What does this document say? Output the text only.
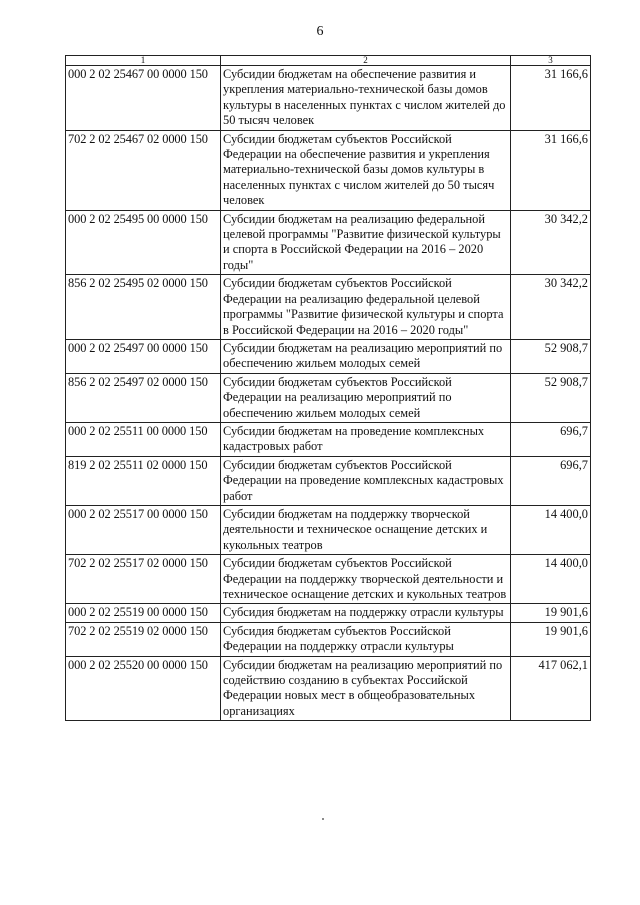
6
1	2	3
000 2 02 25467 00 0000 150	Субсидии бюджетам на обеспечение развития и укрепления материально-технической базы домов культуры в населенных пунктах с числом жителей до 50 тысяч человек	31 166,6
702 2 02 25467 02 0000 150	Субсидии бюджетам субъектов Российской Федерации на обеспечение развития и укрепления материально-технической базы домов культуры в населенных пунктах с числом жителей до 50 тысяч человек	31 166,6
000 2 02 25495 00 0000 150	Субсидии бюджетам на реализацию федеральной целевой программы "Развитие физической культуры и спорта в Российской Федерации на 2016 – 2020 годы"	30 342,2
856 2 02 25495 02 0000 150	Субсидии бюджетам субъектов Российской Федерации на реализацию федеральной целевой программы "Развитие физической культуры и спорта в Российской Федерации на 2016 – 2020 годы"	30 342,2
000 2 02 25497 00 0000 150	Субсидии бюджетам на реализацию мероприятий по обеспечению жильем молодых семей	52 908,7
856 2 02 25497 02 0000 150	Субсидии бюджетам субъектов Российской Федерации на реализацию мероприятий по обеспечению жильем молодых семей	52 908,7
000 2 02 25511 00 0000 150	Субсидии бюджетам на проведение комплексных кадастровых работ	696,7
819 2 02 25511 02 0000 150	Субсидии бюджетам субъектов Российской Федерации на проведение комплексных кадастровых работ	696,7
000 2 02 25517 00 0000 150	Субсидии бюджетам на поддержку творческой деятельности и техническое оснащение детских и кукольных театров	14 400,0
702 2 02 25517 02 0000 150	Субсидии бюджетам субъектов Российской Федерации на поддержку творческой деятельности и техническое оснащение детских и кукольных театров	14 400,0
000 2 02 25519 00 0000 150	Субсидия бюджетам на поддержку отрасли культуры	19 901,6
702 2 02 25519 02 0000 150	Субсидия бюджетам субъектов Российской Федерации на поддержку отрасли культуры	19 901,6
000 2 02 25520 00 0000 150	Субсидии бюджетам на реализацию мероприятий по содействию созданию в субъектах Российской Федерации новых мест в общеобразовательных организациях	417 062,1
